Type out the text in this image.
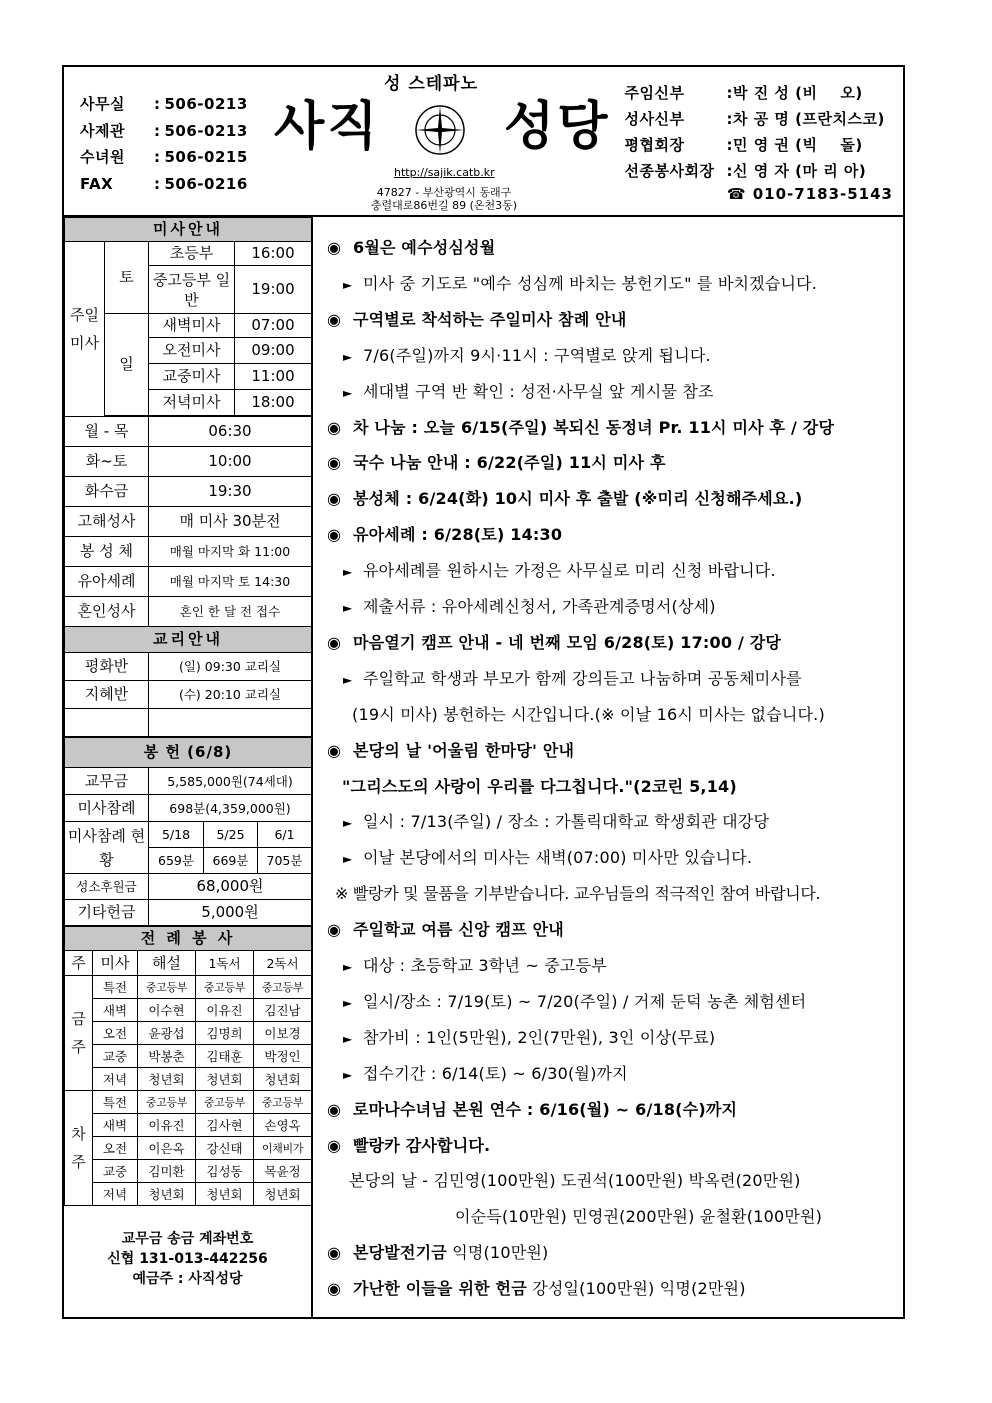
사무실	: 506-0213
사제관	: 506-0213
수녀원	: 506-0215
FAX	: 506-0216
성 스테파노
사직 성당
http://sajik.catb.kr
47827 - 부산광역시 동래구
충렬대로86번길 89 (온천3동)
주임신부	: 박 진 성 (비    오)
성사신부	: 차 공 명 (프란치스코)
평협회장	: 민 영 권 (빅    돌)
선종봉사회장 : 신 영 자 (마 리 아)
☎ 010-7183-5143
미사안내			
주일미사	토	초등부	16:00
		중고등부 일반	19:00
	일	새벽미사	07:00
		오전미사	09:00
		교중미사	11:00
		저녁미사	18:00
월 - 목	06:30
화~토	10:00
화수금	19:30
고해성사	매 미사 30분전
봉 성 체	매월 마지막 화 11:00
유아세례	매월 마지막 토 14:30
혼인성사	혼인 한 달 전 접수
교리안내	
평화반	(일) 09:30 교리실
지혜반	(수) 20:10 교리실

봉 헌 (6/8)			
교무금	5,585,000원(74세대)		
미사참례	698분(4,359,000원)		
미사참례 현황	5/18	5/25	6/1
	659분	669분	705분
성소후원금	68,000원		
기타헌금	5,000원		
전 례 봉 사				
주	미사	해설	1독서	2독서
금주	특전	중고등부	중고등부	중고등부
	새벽	이수현	이유진	김진남
	오전	윤광섭	김명희	이보경
	교중	박봉춘	김태훈	박정인
	저녁	청년회	청년회	청년회
차주	특전	중고등부	중고등부	중고등부
	새벽	이유진	김사현	손영옥
	오전	이은옥	강신태	이채비가
	교중	김미환	김성동	목윤정
	저녁	청년회	청년회	청년회
교무금 송금 계좌번호
신협 131-013-442256
예금주 : 사직성당
◉ 6월은 예수성심성월
► 미사 중 기도로 "예수 성심께 바치는 봉헌기도" 를 바치겠습니다.
◉ 구역별로 착석하는 주일미사 참례 안내
► 7/6(주일)까지 9시·11시 : 구역별로 앉게 됩니다.
► 세대별 구역 반 확인 : 성전·사무실 앞 게시물 참조
◉ 차 나눔 : 오늘 6/15(주일) 복되신 동정녀 Pr. 11시 미사 후 / 강당
◉ 국수 나눔 안내 : 6/22(주일) 11시 미사 후
◉ 봉성체 : 6/24(화) 10시 미사 후 출발 (※미리 신청해주세요.)
◉ 유아세례 : 6/28(토) 14:30
► 유아세례를 원하시는 가정은 사무실로 미리 신청 바랍니다.
► 제출서류 : 유아세례신청서, 가족관계증명서(상세)
◉ 마음열기 캠프 안내 - 네 번째 모임 6/28(토) 17:00 / 강당
► 주일학교 학생과 부모가 함께 강의듣고 나눔하며 공동체미사를
(19시 미사) 봉헌하는 시간입니다.(※ 이날 16시 미사는 없습니다.)
◉ 본당의 날 '어울림 한마당' 안내
"그리스도의 사랑이 우리를 다그칩니다."(2코린 5,14)
► 일시 : 7/13(주일) / 장소 : 가톨릭대학교 학생회관 대강당
► 이날 본당에서의 미사는 새벽(07:00) 미사만 있습니다.
※ 빨랑카 및 물품을 기부받습니다. 교우님들의 적극적인 참여 바랍니다.
◉ 주일학교 여름 신앙 캠프 안내
► 대상 : 초등학교 3학년 ~ 중고등부
► 일시/장소 : 7/19(토) ~ 7/20(주일) / 거제 둔덕 농촌 체험센터
► 참가비 : 1인(5만원), 2인(7만원), 3인 이상(무료)
► 접수기간 : 6/14(토) ~ 6/30(월)까지
◉ 로마나수녀님 본원 연수 : 6/16(월) ~ 6/18(수)까지
◉ 빨랑카 감사합니다.
본당의 날 - 김민영(100만원) 도권석(100만원) 박옥련(20만원)
이순득(10만원) 민영권(200만원) 윤철환(100만원)
◉ 본당발전기금 익명(10만원)
◉ 가난한 이들을 위한 헌금 강성일(100만원) 익명(2만원)
